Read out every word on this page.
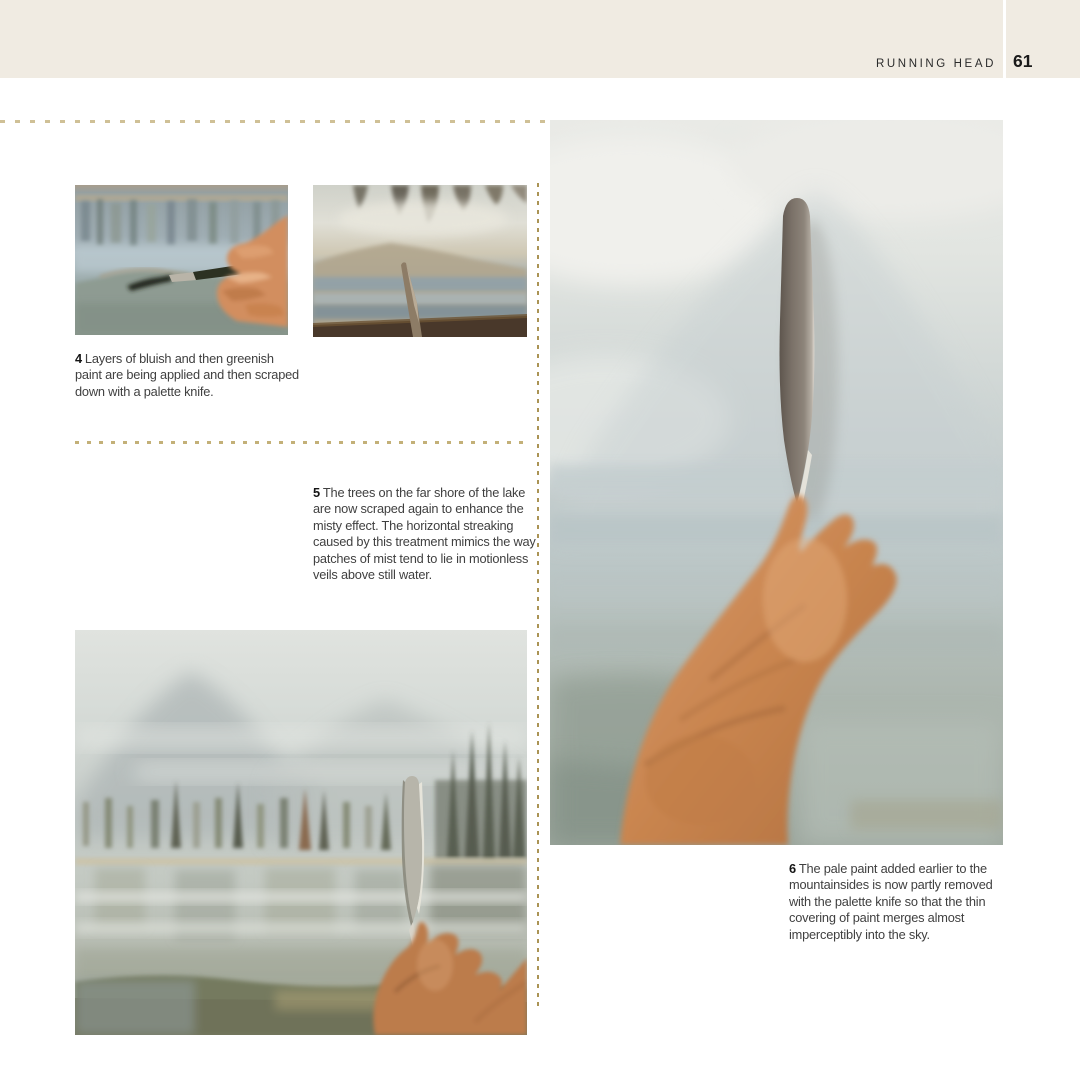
RUNNING HEAD 61

4 Layers of bluish and then greenish paint are being applied and then scraped down with a palette knife.

5 The trees on the far shore of the lake are now scraped again to enhance the misty effect. The horizontal streaking caused by this treatment mimics the way patches of mist tend to lie in motionless veils above still water.

6 The pale paint added earlier to the mountainsides is now partly removed with the palette knife so that the thin covering of paint merges almost imperceptibly into the sky.
